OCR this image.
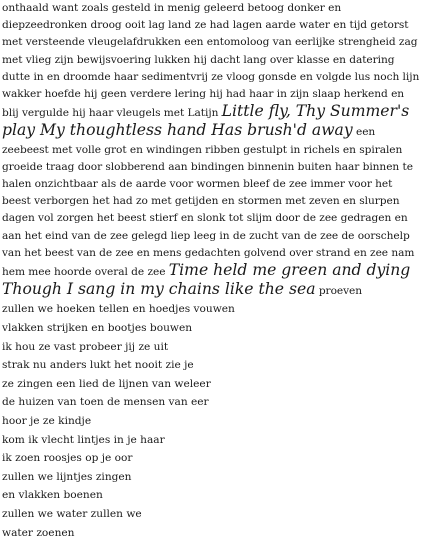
onthaald want zoals gesteld in menig geleerd betoog donker en diepzeedronken droog ooit lag land ze had lagen aarde water en tijd getorst met versteende vleugelafdrukken een entomoloog van eerlijke strengheid zag met vlieg zijn bewijsvoering lukken hij dacht lang over klasse en datering dutte in en droomde haar sedimentvrij ze vloog gonsde en volgde lus noch lijn wakker hoefde hij geen verdere lering hij had haar in zijn slaap herkend en blij vergulde hij haar vleugels met Latijn Little fly, Thy Summer's play My thoughtless hand Has brush'd away een zeebeest met volle grot en windingen ribben gestulpt in richels en spiralen groeide traag door slobberend aan bindingen binnenin buiten haar binnen te halen onzichtbaar als de aarde voor wormen bleef de zee immer voor het beest verborgen het had zo met getijden en stormen met zeven en slurpen dagen vol zorgen het beest stierf en slonk tot slijm door de zee gedragen en aan het eind van de zee gelegd liep leeg in de zucht van de zee de oorschelp van het beest van de zee en mens gedachten golvend over strand en zee nam hem mee hoorde overal de zee Time held me green and dying Though I sang in my chains like the sea proeven

zullen we hoeken tellen en hoedjes vouwen
vlakken strijken en bootjes bouwen
ik hou ze vast probeer jij ze uit
strak nu anders lukt het nooit zie je
ze zingen een lied de lijnen van weleer
de huizen van toen de mensen van eer
hoor je ze kindje
kom ik vlecht lintjes in je haar
ik zoen roosjes op je oor
zullen we lijntjes zingen
en vlakken boenen
zullen we water zullen we
water zoenen
